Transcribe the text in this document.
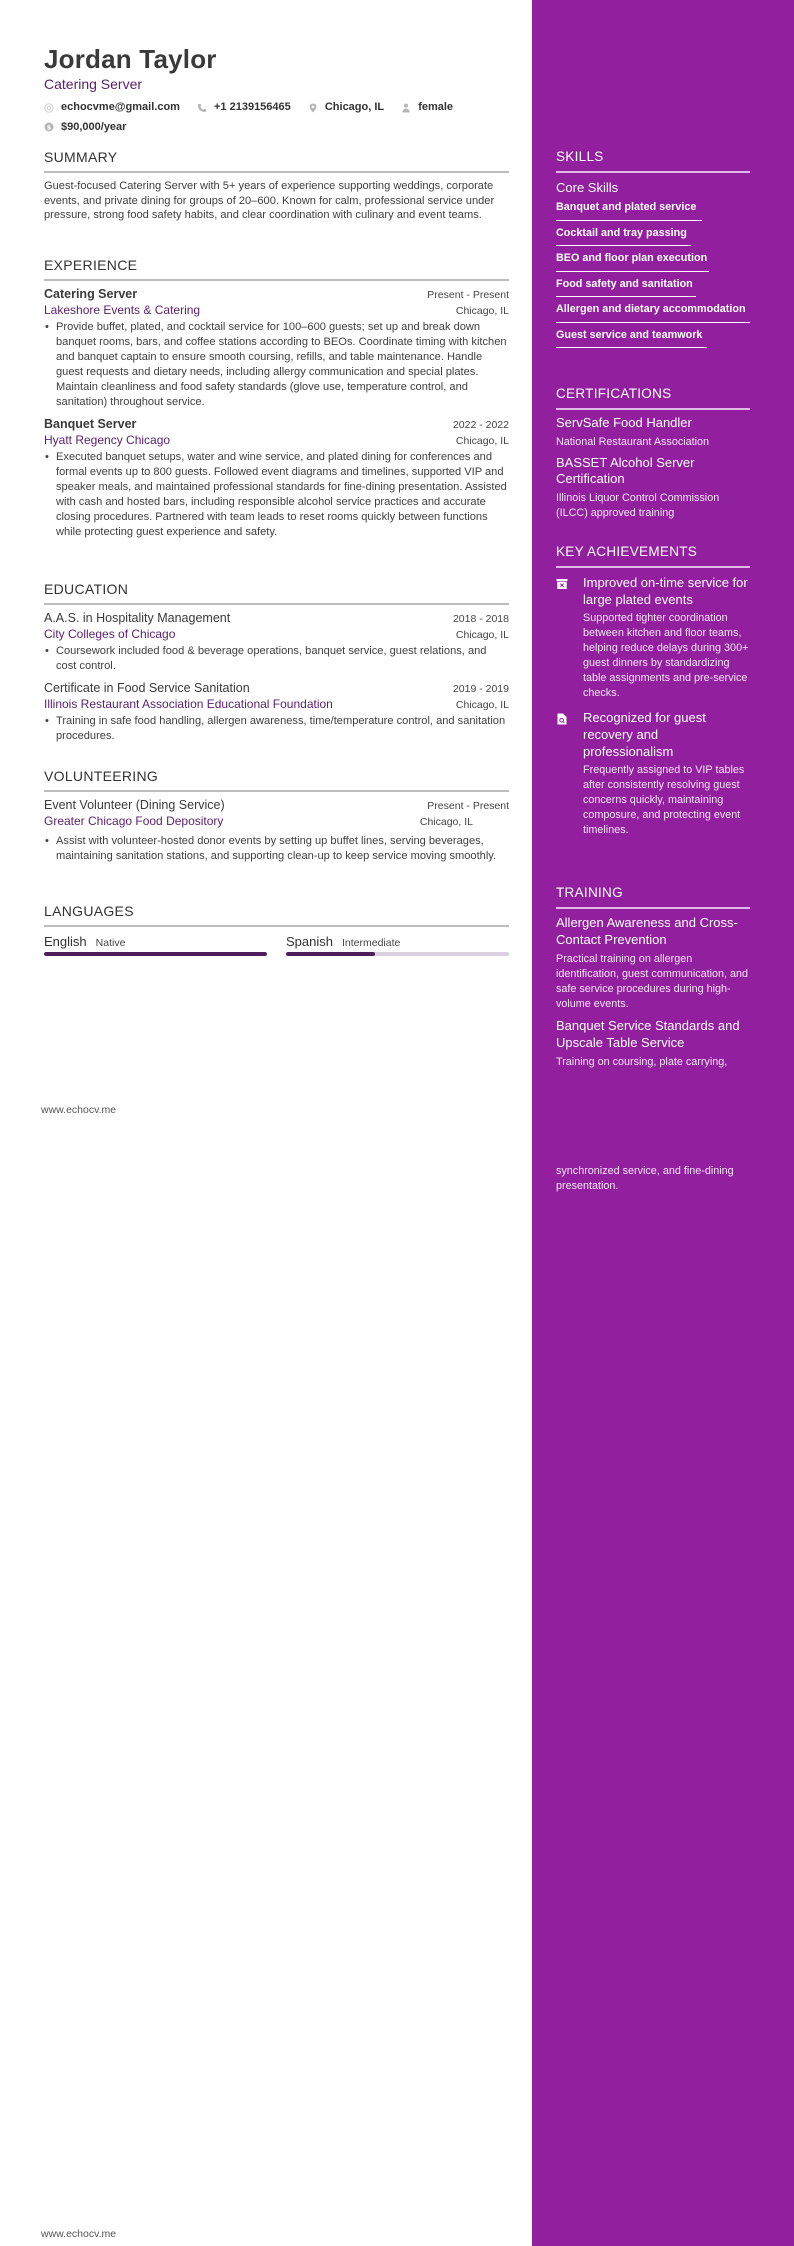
Jordan Taylor
Catering Server
echocvme@gmail.com
	+1 2139156465
	Chicago, IL
	female

$ $90,000/year
SUMMARY
Guest-focused Catering Server with 5+ years of experience supporting weddings, corporate events, and private dining for groups of 20–600. Known for calm, professional service under pressure, strong food safety habits, and clear coordination with culinary and event teams.
EXPERIENCE
Catering Server	Present - Present
Lakeshore Events & Catering	Chicago, IL
• Provide buffet, plated, and cocktail service for 100–600 guests; set up and break down banquet rooms, bars, and coffee stations according to BEOs. Coordinate timing with kitchen and banquet captain to ensure smooth coursing, refills, and table maintenance. Handle guest requests and dietary needs, including allergy communication and special plates. Maintain cleanliness and food safety standards (glove use, temperature control, and sanitation) throughout service.
Banquet Server	2022 - 2022
Hyatt Regency Chicago	Chicago, IL
• Executed banquet setups, water and wine service, and plated dining for conferences and formal events up to 800 guests. Followed event diagrams and timelines, supported VIP and speaker meals, and maintained professional standards for fine-dining presentation. Assisted with cash and hosted bars, including responsible alcohol service practices and accurate closing procedures. Partnered with team leads to reset rooms quickly between functions while protecting guest experience and safety.
EDUCATION
A.A.S. in Hospitality Management	2018 - 2018
City Colleges of Chicago	Chicago, IL
• Coursework included food & beverage operations, banquet service, guest relations, and cost control.
Certificate in Food Service Sanitation	2019 - 2019
Illinois Restaurant Association Educational Foundation	Chicago, IL
• Training in safe food handling, allergen awareness, time/temperature control, and sanitation procedures.
VOLUNTEERING
Event Volunteer (Dining Service)	Present - Present
Greater Chicago Food Depository	Chicago, IL
• Assist with volunteer-hosted donor events by setting up buffet lines, serving beverages, maintaining sanitation stations, and supporting clean-up to keep service moving smoothly.
LANGUAGES
English Native	Spanish Intermediate
www.echocv.me
www.echocv.me
SKILLS
Core Skills
Banquet and plated service
Cocktail and tray passing
BEO and floor plan execution
Food safety and sanitation
Allergen and dietary accommodation
Guest service and teamwork
CERTIFICATIONS
ServSafe Food Handler
National Restaurant Association
BASSET Alcohol Server Certification
Illinois Liquor Control Commission (ILCC) approved training
KEY ACHIEVEMENTS
Improved on-time service for large plated events
Supported tighter coordination between kitchen and floor teams, helping reduce delays during 300+ guest dinners by standardizing table assignments and pre-service checks.
Recognized for guest recovery and professionalism
Frequently assigned to VIP tables after consistently resolving guest concerns quickly, maintaining composure, and protecting event timelines.
TRAINING
Allergen Awareness and Cross-Contact Prevention
Practical training on allergen identification, guest communication, and safe service procedures during high-volume events.
Banquet Service Standards and Upscale Table Service
Training on coursing, plate carrying,
synchronized service, and fine-dining presentation.
